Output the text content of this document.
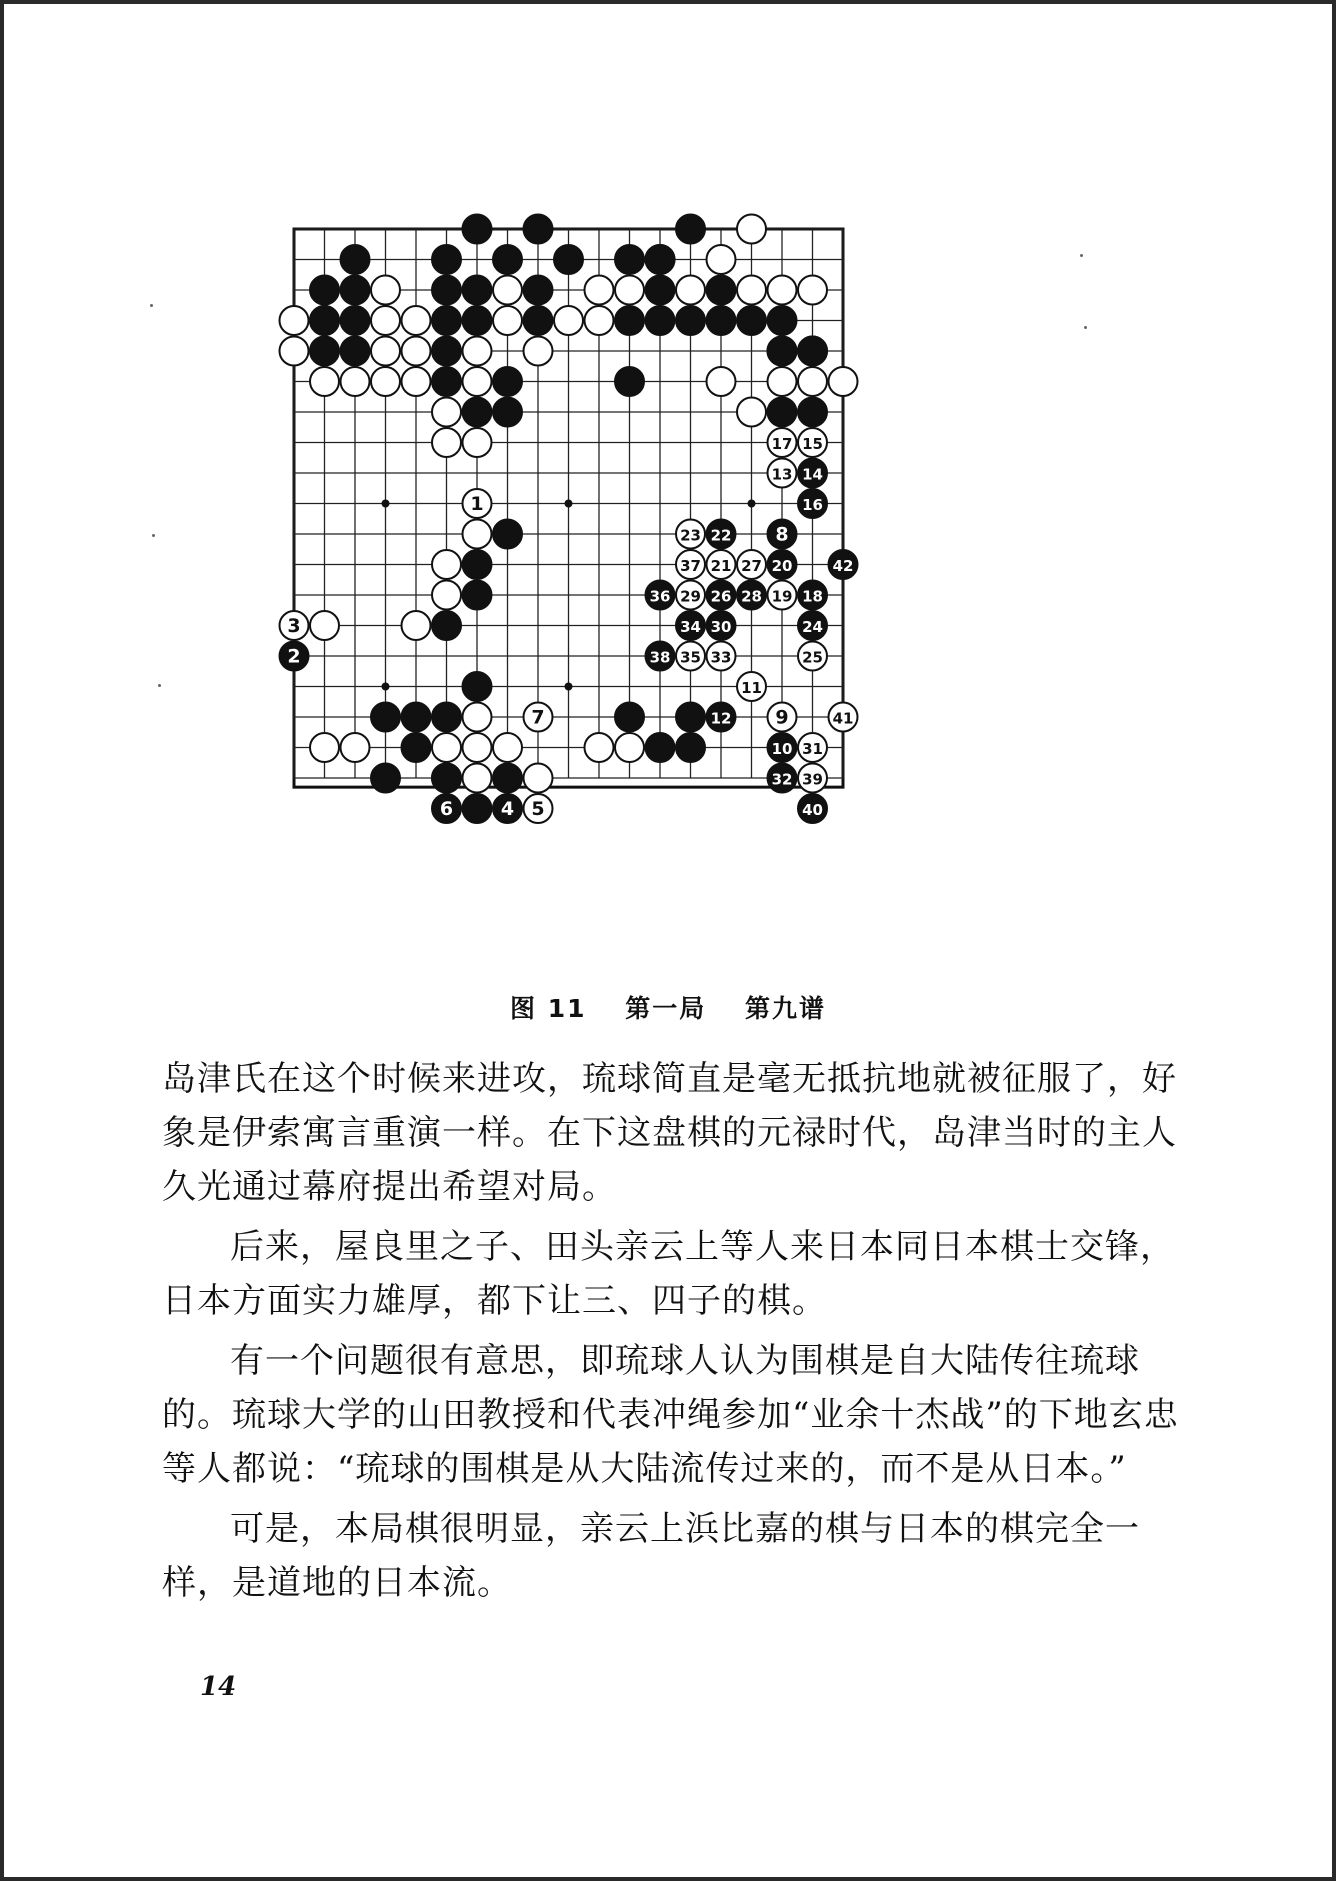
1
2
3
4 5
6
7
8
9
10
11
12
13 14
15
16
17
18
19
20
21
22
23
24
25
26
27
28
29
30
31
32
33
34
35
36
37
38
39
40
41
42
图 11 第一局 第九谱

岛津氏在这个时候来进攻，琉球简直是毫无抵抗地就被征服了，好象是伊索寓言重演一样。在下这盘棋的元禄时代，岛津当时的主人久光通过幕府提出希望对局。

后来，屋良里之子、田头亲云上等人来日本同日本棋士交锋，日本方面实力雄厚，都下让三、四子的棋。

有一个问题很有意思，即琉球人认为围棋是自大陆传往琉球的。琉球大学的山田教授和代表冲绳参加“业余十杰战”的下地玄忠等人都说：“琉球的围棋是从大陆流传过来的，而不是从日本。”

可是，本局棋很明显，亲云上浜比嘉的棋与日本的棋完全一样，是道地的日本流。

14
